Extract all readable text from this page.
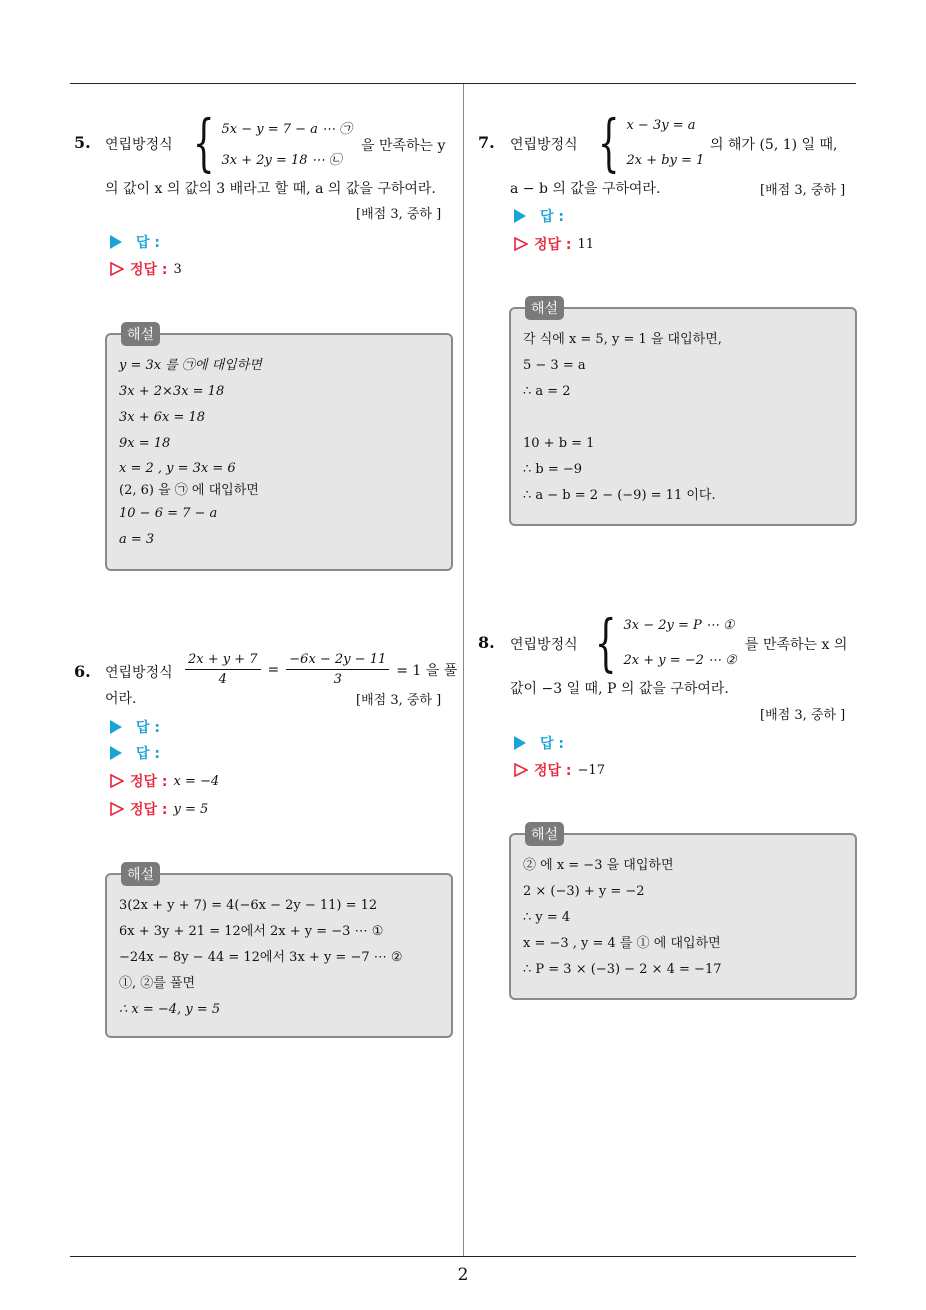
5. 연립방정식 { 5x − y = 7 − a ⋯ ㉠
3x + 2y = 18 ⋯ ㉡
을 만족하는 y
의 값이 x 의 값의 3 배라고 할 때, a 의 값을 구하여라.
[배점 3, 중하 ]
답 :
정답 : 3
해설
y = 3x 를 ㉠에 대입하면
3x + 2×3x = 18
3x + 6x = 18
9x = 18
x = 2 , y = 3x = 6
(2, 6) 을 ㉠ 에 대입하면
10 − 6 = 7 − a
a = 3
6. 연립방정식 $\frac{2x + y + 7}{4} = \frac{-6x - 2y - 11}{3} = 1$ 을 풀
어라.	[배점 3, 중하 ]
답 :
답 :
정답 : x = −4
정답 : y = 5
해설
3(2x + y + 7) = 4(−6x − 2y − 11) = 12
6x + 3y + 21 = 12에서 2x + y = −3 ⋯ ①
−24x − 8y − 44 = 12에서 3x + y = −7 ⋯ ②
①, ②를 풀면
∴ x = −4, y = 5
7. 연립방정식 { x − 3y = a
2x + by = 1
의 해가 (5, 1) 일 때,
a − b 의 값을 구하여라.	[배점 3, 중하 ]
답 :
정답 : 11
해설
각 식에 x = 5, y = 1 을 대입하면,
5 − 3 = a
∴ a = 2
10 + b = 1
∴ b = −9
∴ a − b = 2 − (−9) = 11 이다.
8. 연립방정식 { 3x − 2y = P ⋯ ①
2x + y = −2 ⋯ ②
를 만족하는 x 의
값이 −3 일 때, P 의 값을 구하여라.
[배점 3, 중하 ]
답 :
정답 : −17
해설
② 에 x = −3 을 대입하면
2 × (−3) + y = −2
∴ y = 4
x = −3 , y = 4 를 ① 에 대입하면
∴ P = 3 × (−3) − 2 × 4 = −17
2
